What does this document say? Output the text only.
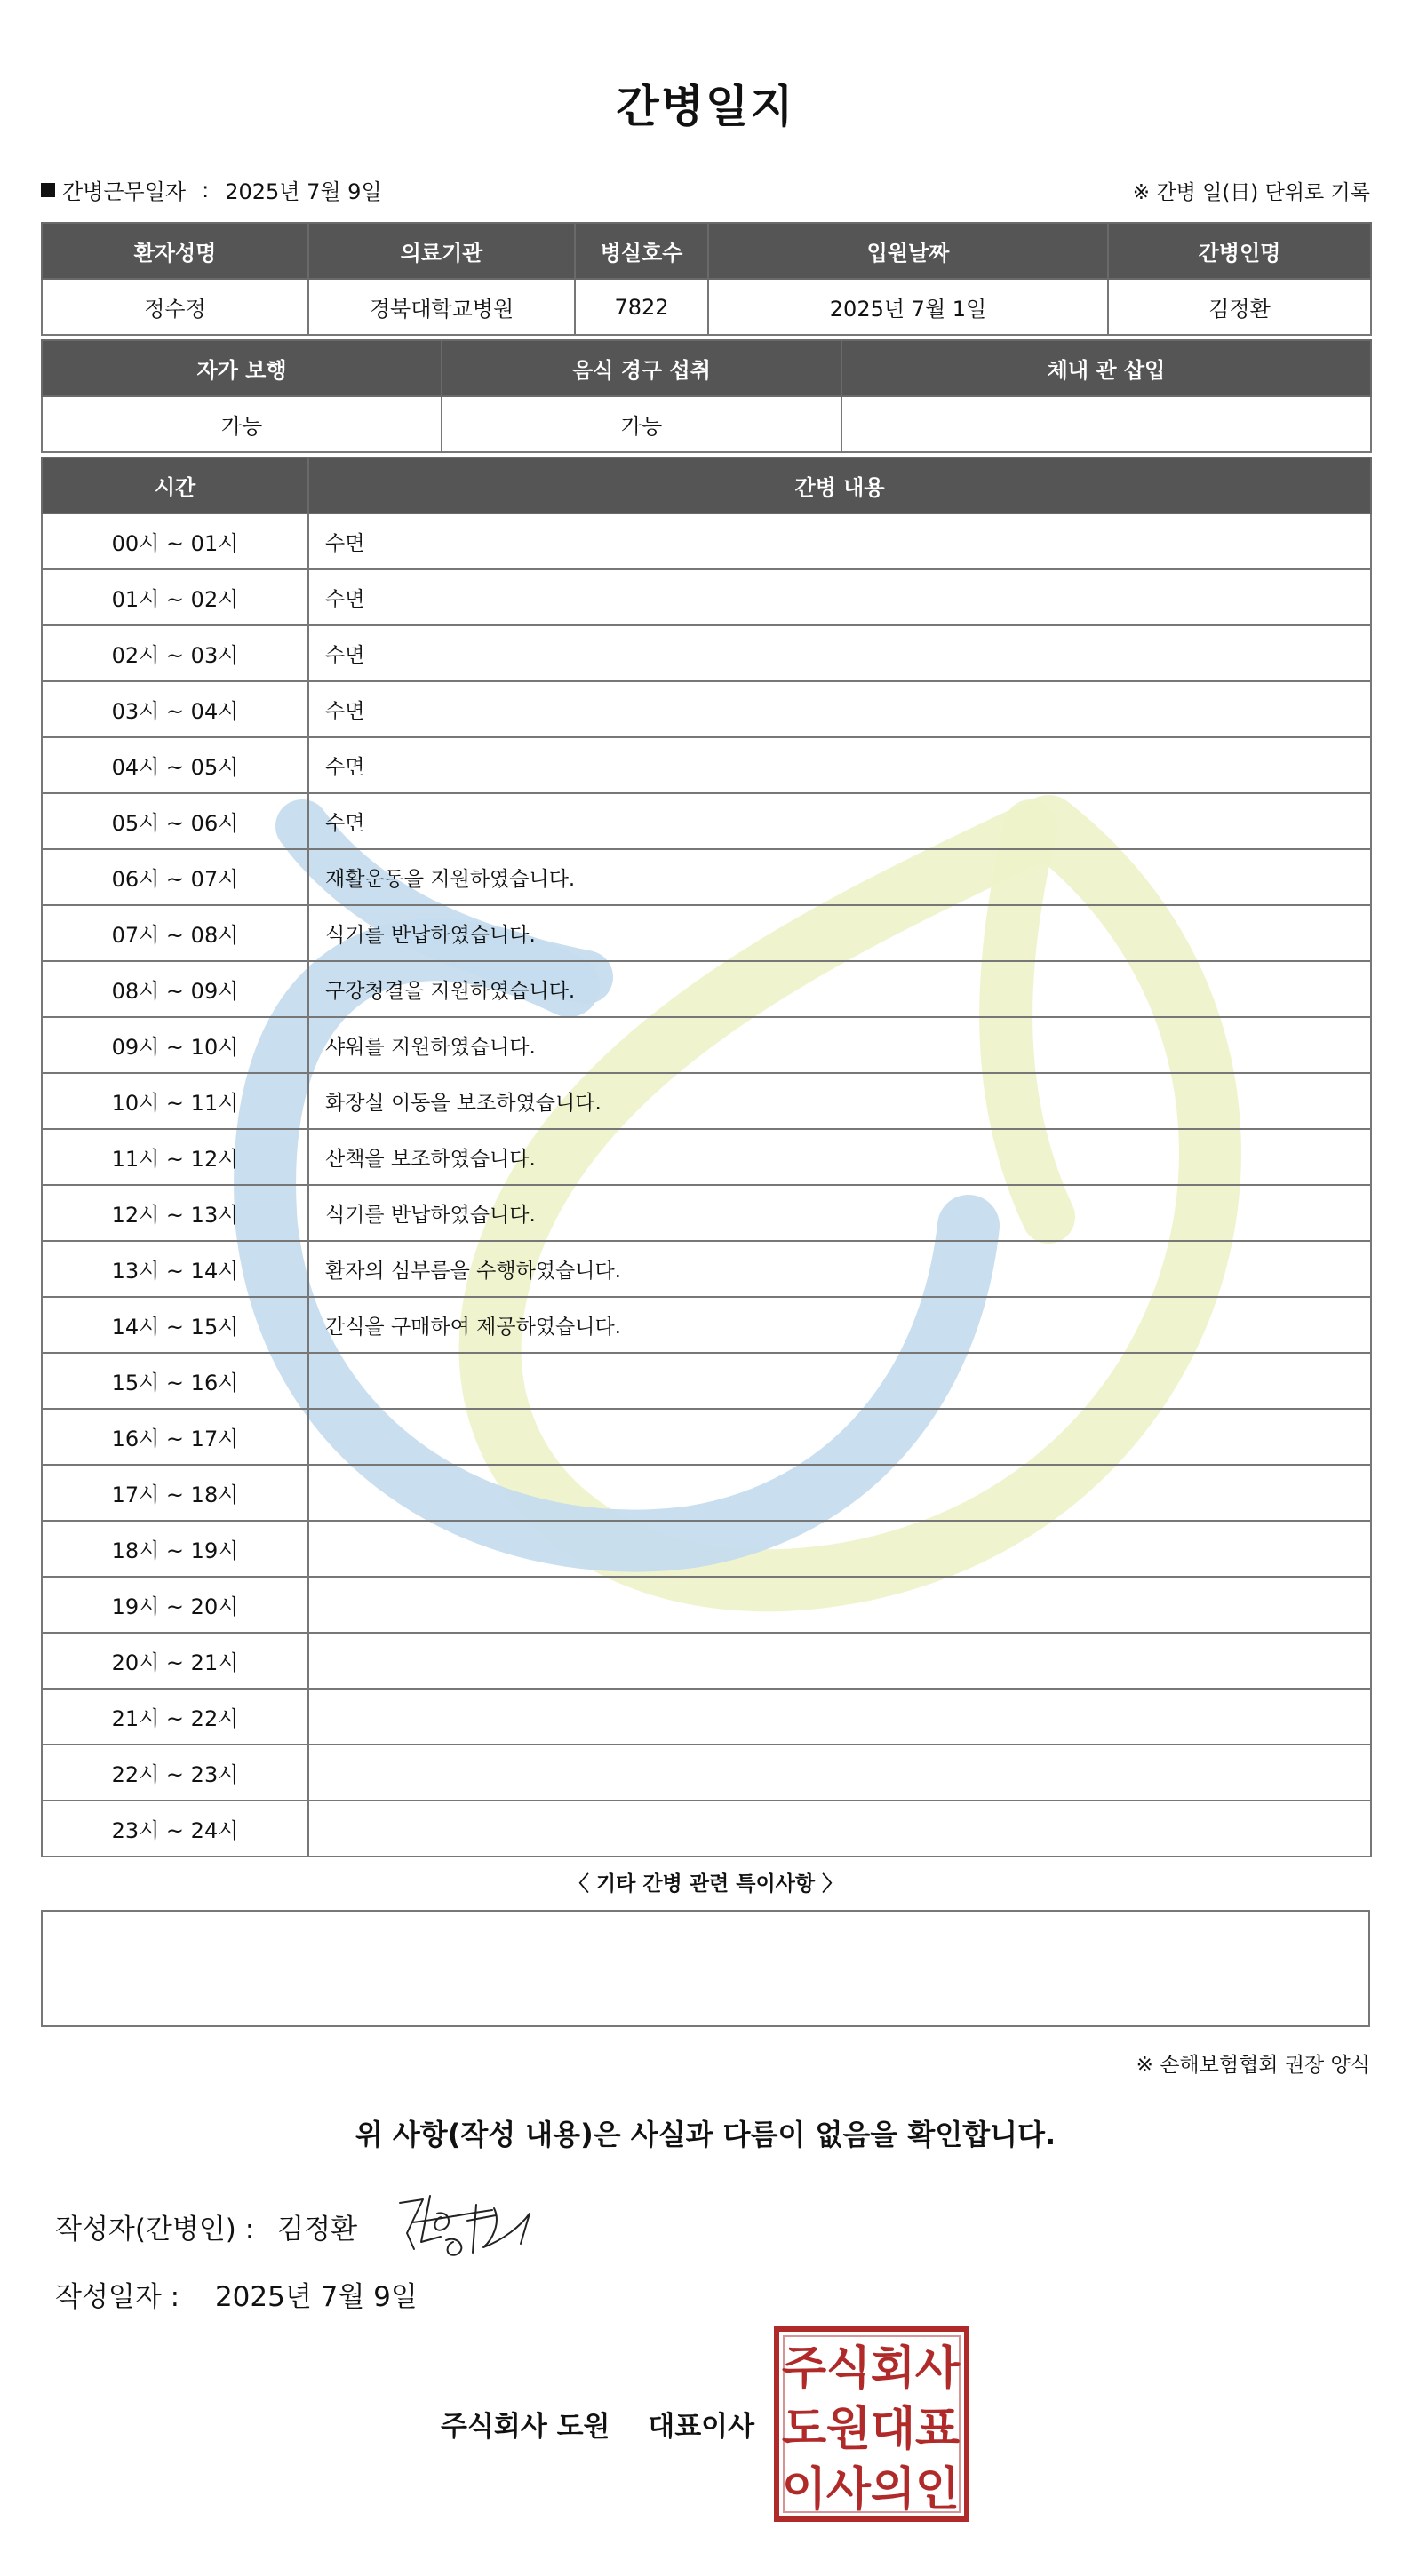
간병일지
간병근무일자 : 2025년 7월 9일	※ 간병 일(日) 단위로 기록
환자성명	의료기관	병실호수	입원날짜	간병인명
정수정	경북대학교병원	7822	2025년 7월 1일	김정환
자가 보행	음식 경구 섭취	체내 관 삽입
가능	가능	
시간	간병 내용
00시 ~ 01시	수면
01시 ~ 02시	수면
02시 ~ 03시	수면
03시 ~ 04시	수면
04시 ~ 05시	수면
05시 ~ 06시	수면
06시 ~ 07시	재활운동을 지원하였습니다.
07시 ~ 08시	식기를 반납하였습니다.
08시 ~ 09시	구강청결을 지원하였습니다.
09시 ~ 10시	샤워를 지원하였습니다.
10시 ~ 11시	화장실 이동을 보조하였습니다.
11시 ~ 12시	산책을 보조하였습니다.
12시 ~ 13시	식기를 반납하였습니다.
13시 ~ 14시	환자의 심부름을 수행하였습니다.
14시 ~ 15시	간식을 구매하여 제공하였습니다.
15시 ~ 16시	
16시 ~ 17시	
17시 ~ 18시	
18시 ~ 19시	
19시 ~ 20시	
20시 ~ 21시	
21시 ~ 22시	
22시 ~ 23시	
23시 ~ 24시	
〈 기타 간병 관련 특이사항 〉
※ 손해보험협회 권장 양식
위 사항(작성 내용)은 사실과 다름이 없음을 확인합니다.
작성자(간병인) : 김정환
작성일자 : 2025년 7월 9일
주식회사 도원 대표이사
주 식 회 사
도 원 대 표
이 사 의 인
